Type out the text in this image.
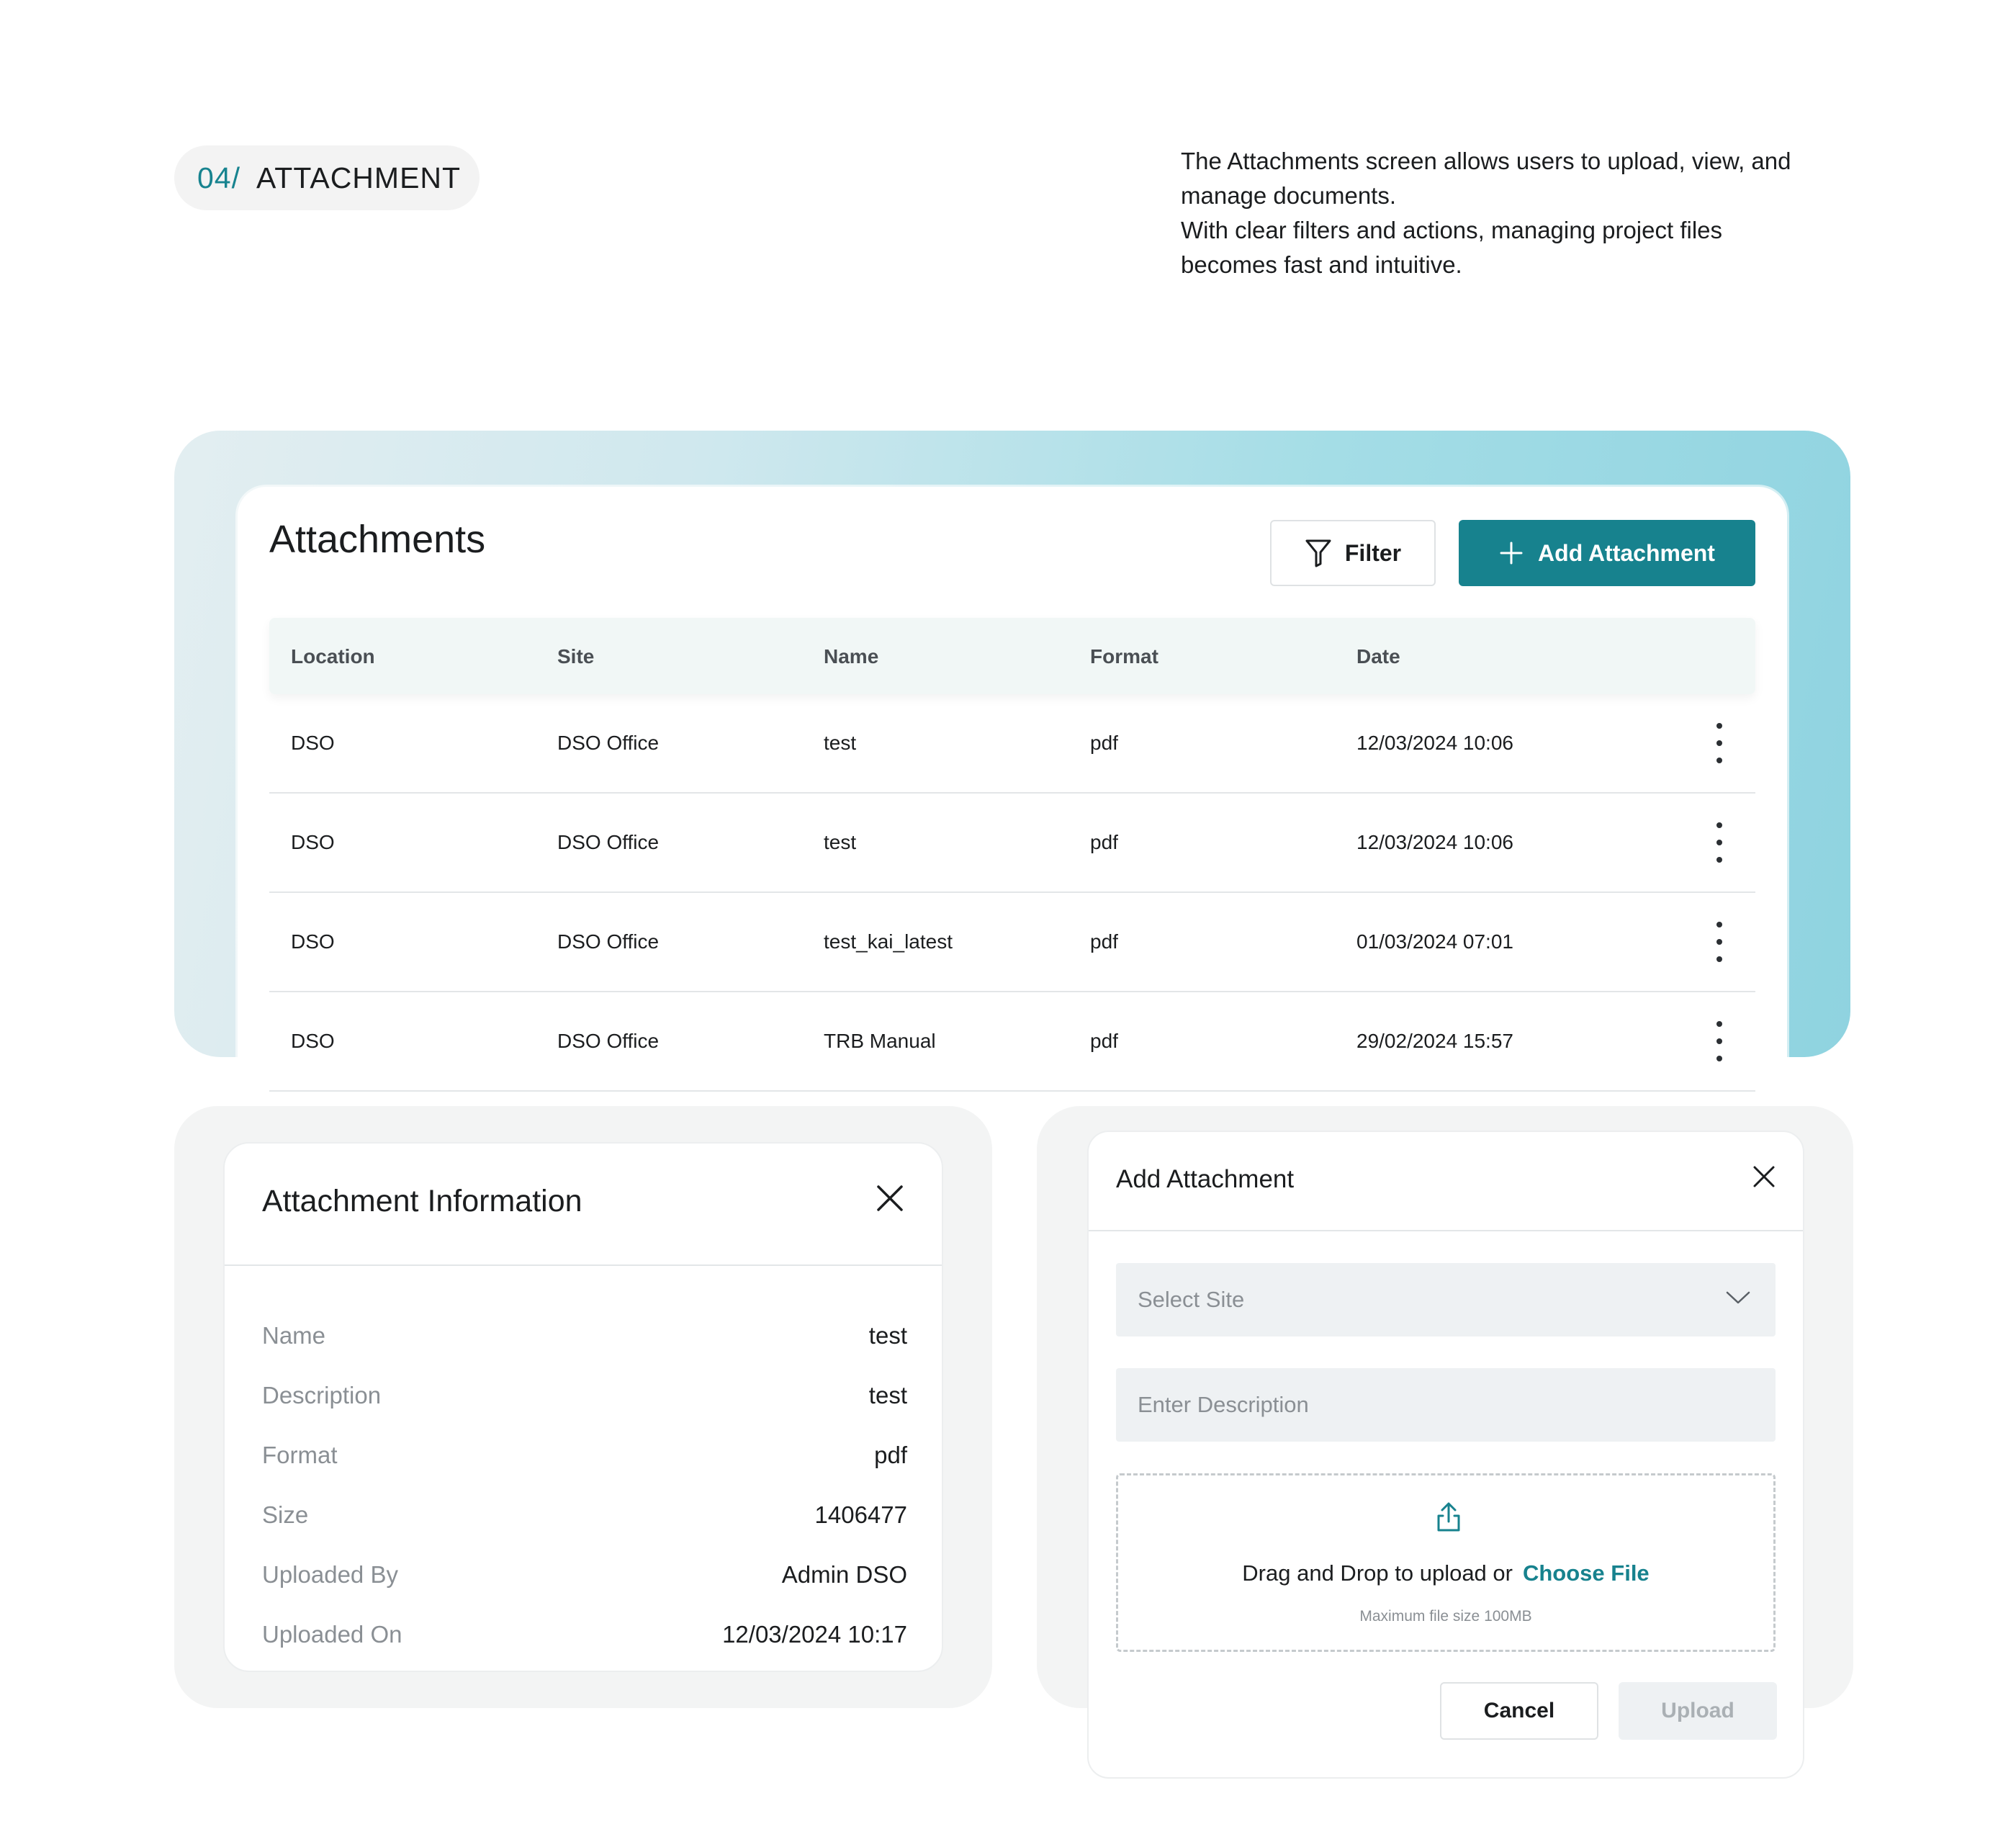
04/ ATTACHMENT	The Attachments screen allows users to upload, view, and
manage documents.
With clear filters and actions, managing project files
becomes fast and intuitive.
Attachments	Filter	Add Attachment
Location	Site	Name	Format	Date
DSO	DSO Office	test	pdf	12/03/2024 10:06
DSO	DSO Office	test	pdf	12/03/2024 10:06
DSO	DSO Office	test_kai_latest	pdf	01/03/2024 07:01
DSO	DSO Office	TRB Manual	pdf	29/02/2024 15:57
Attachment Information
Name	test
Description	test
Format	pdf
Size	1406477
Uploaded By	Admin DSO
Uploaded On	12/03/2024 10:17
Add Attachment
Select Site
Enter Description
Drag and Drop to upload or Choose File
Maximum file size 100MB
Cancel	Upload
